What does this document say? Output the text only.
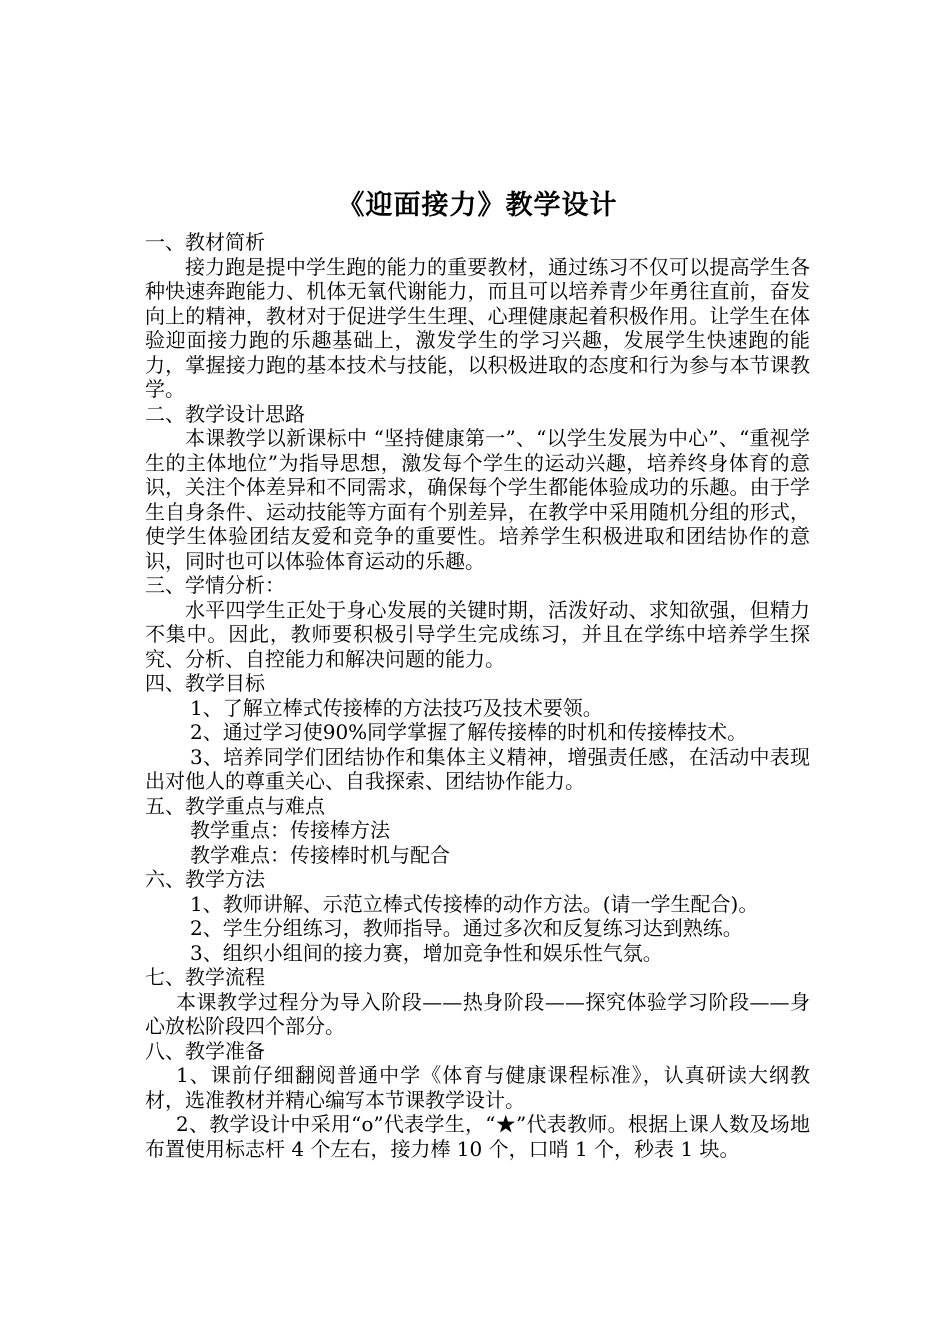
《迎面接力》教学设计

一、教材简析

接力跑是提中学生跑的能力的重要教材，通过练习不仅可以提高学生各种快速奔跑能力、机体无氧代谢能力，而且可以培养青少年勇往直前，奋发向上的精神，教材对于促进学生生理、心理健康起着积极作用。让学生在体验迎面接力跑的乐趣基础上，激发学生的学习兴趣，发展学生快速跑的能力，掌握接力跑的基本技术与技能，以积极进取的态度和行为参与本节课教学。

二、教学设计思路

本课教学以新课标中 “坚持健康第一”、“以学生发展为中心”、“重视学生的主体地位”为指导思想，激发每个学生的运动兴趣，培养终身体育的意识，关注个体差异和不同需求，确保每个学生都能体验成功的乐趣。由于学生自身条件、运动技能等方面有个别差异，在教学中采用随机分组的形式，使学生体验团结友爱和竞争的重要性。培养学生积极进取和团结协作的意识，同时也可以体验体育运动的乐趣。

三、学情分析：

水平四学生正处于身心发展的关键时期，活泼好动、求知欲强，但精力不集中。因此，教师要积极引导学生完成练习，并且在学练中培养学生探究、分析、自控能力和解决问题的能力。

四、教学目标

1、了解立棒式传接棒的方法技巧及技术要领。

2、通过学习使90%同学掌握了解传接棒的时机和传接棒技术。

3、培养同学们团结协作和集体主义精神，增强责任感，在活动中表现出对他人的尊重关心、自我探索、团结协作能力。

五、教学重点与难点

教学重点：传接棒方法

教学难点：传接棒时机与配合

六、教学方法

1、教师讲解、示范立棒式传接棒的动作方法。(请一学生配合)。

2、学生分组练习，教师指导。通过多次和反复练习达到熟练。

3、组织小组间的接力赛，增加竞争性和娱乐性气氛。

七、教学流程

本课教学过程分为导入阶段——热身阶段——探究体验学习阶段——身心放松阶段四个部分。

八、教学准备

1、课前仔细翻阅普通中学《体育与健康课程标准》，认真研读大纲教材，选准教材并精心编写本节课教学设计。

2、教学设计中采用“o”代表学生，“★”代表教师。根据上课人数及场地布置使用标志杆 4 个左右，接力棒 10 个，口哨 1 个，秒表 1 块。
